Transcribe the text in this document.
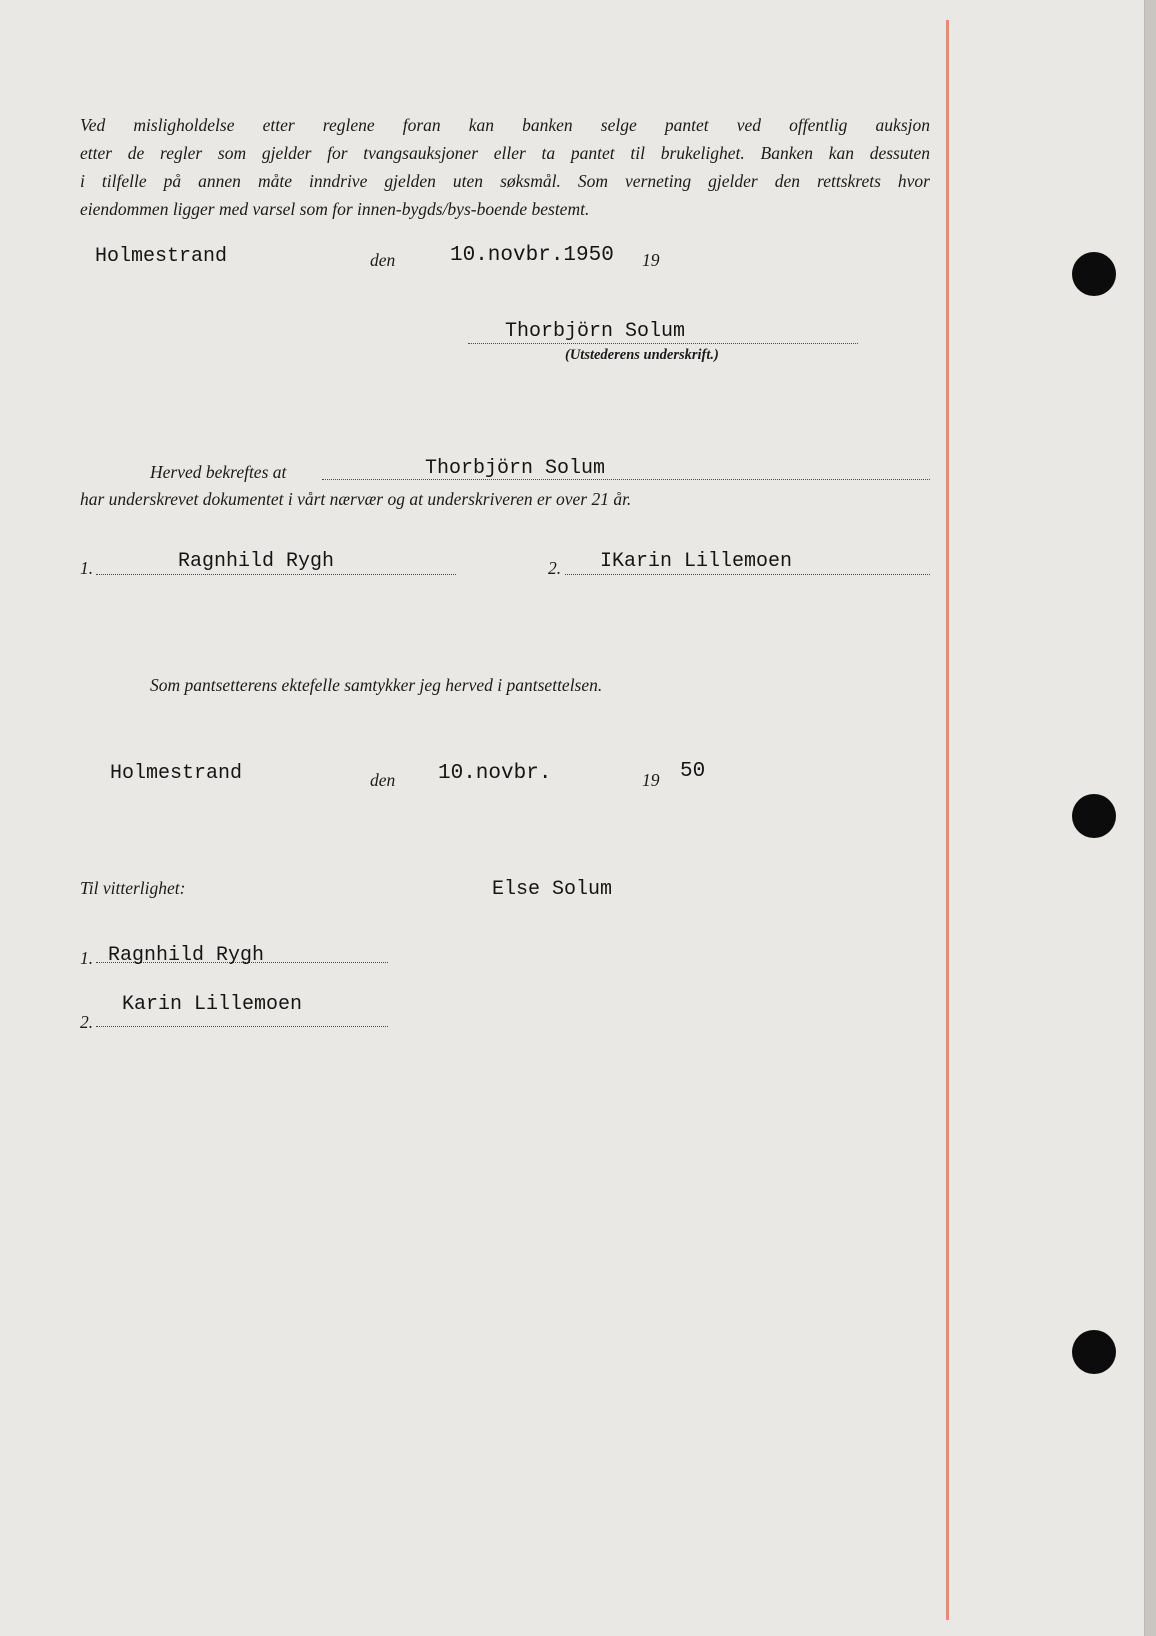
Ved misligholdelse etter reglene foran kan banken selge pantet ved offentlig auksjon
etter de regler som gjelder for tvangsauksjoner eller ta pantet til brukelighet. Banken kan dessuten
i tilfelle på annen måte inndrive gjelden uten søksmål. Som verneting gjelder den rettskrets hvor
eiendommen ligger med varsel som for innen-bygds/bys-boende bestemt.
Holmestrand	den	10.novbr.1950 19
Thorbjörn Solum
(Utstederens underskrift.)
Herved bekreftes at	Thorbjörn Solum
har underskrevet dokumentet i vårt nærvær og at underskriveren er over 21 år.
1.	Ragnhild Rygh	2. IKarin Lillemoen
Som pantsetterens ektefelle samtykker jeg herved i pantsettelsen.
Holmestrand	den 10.novbr.	19 50
Til vitterlighet:	Else Solum
1. Ragnhild Rygh
2.
Karin Lillemoen
